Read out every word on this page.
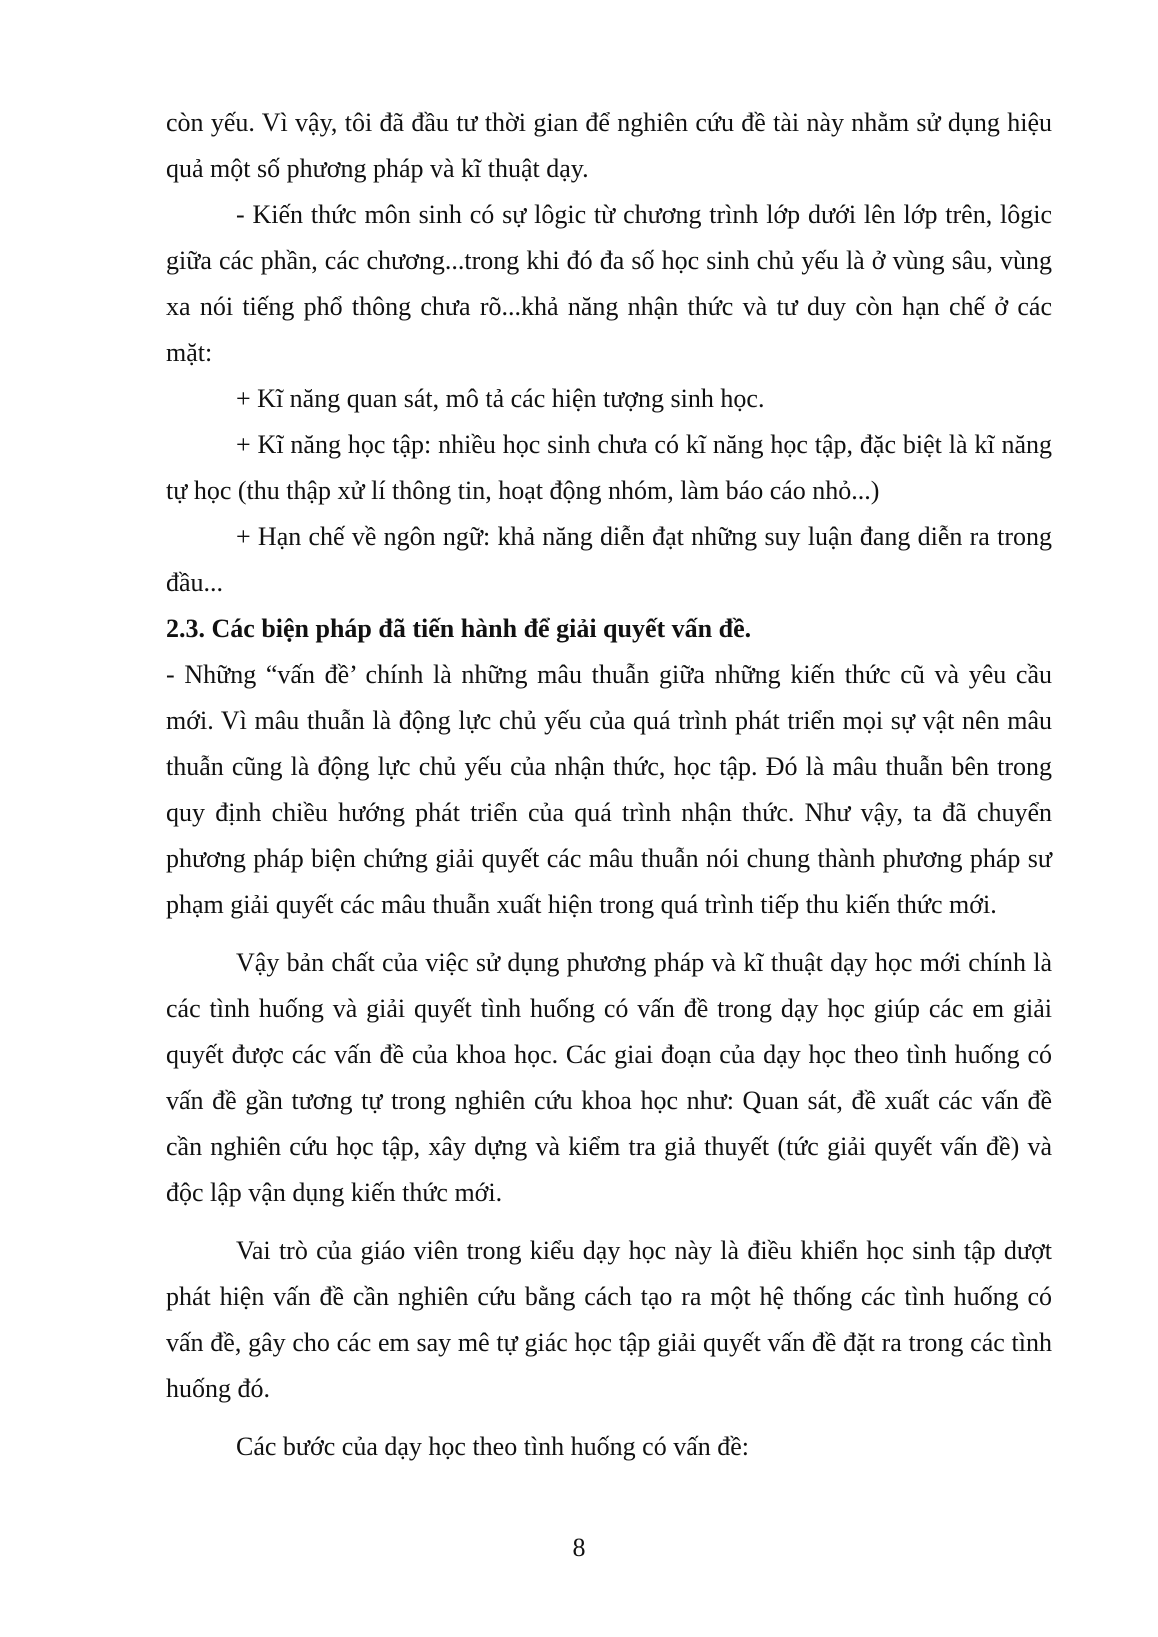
còn yếu. Vì vậy, tôi đã đầu tư thời gian để nghiên cứu đề tài này nhằm sử dụng hiệu quả một số phương pháp và kĩ thuật dạy.

- Kiến thức môn sinh có sự lôgic từ chương trình lớp dưới lên lớp trên, lôgic giữa các phần, các chương...trong khi đó đa số học sinh chủ yếu là ở vùng sâu, vùng xa nói tiếng phổ thông chưa rõ...khả năng nhận thức và tư duy còn hạn chế ở các mặt:

+ Kĩ năng quan sát, mô tả các hiện tượng sinh học.

+ Kĩ năng học tập: nhiều học sinh chưa có kĩ năng học tập, đặc biệt là kĩ năng tự học (thu thập xử lí thông tin, hoạt động nhóm, làm báo cáo nhỏ...)

+ Hạn chế về ngôn ngữ: khả năng diễn đạt những suy luận đang diễn ra trong đầu...

2.3. Các biện pháp đã tiến hành để giải quyết vấn đề.

- Những “vấn đề’ chính là những mâu thuẫn giữa những kiến thức cũ và yêu cầu mới. Vì mâu thuẫn là động lực chủ yếu của quá trình phát triển mọi sự vật nên mâu thuẫn cũng là động lực chủ yếu của nhận thức, học tập. Đó là mâu thuẫn bên trong quy định chiều hướng phát triển của quá trình nhận thức. Như vậy, ta đã chuyển phương pháp biện chứng giải quyết các mâu thuẫn nói chung thành phương pháp sư phạm giải quyết các mâu thuẫn xuất hiện trong quá trình tiếp thu kiến thức mới.

Vậy bản chất của việc sử dụng phương pháp và kĩ thuật dạy học mới chính là các tình huống và giải quyết tình huống có vấn đề trong dạy học giúp các em giải quyết được các vấn đề của khoa học. Các giai đoạn của dạy học theo tình huống có vấn đề gần tương tự trong nghiên cứu khoa học như: Quan sát, đề xuất các vấn đề cần nghiên cứu học tập, xây dựng và kiểm tra giả thuyết (tức giải quyết vấn đề) và độc lập vận dụng kiến thức mới.

Vai trò của giáo viên trong kiểu dạy học này là điều khiển học sinh tập dượt phát hiện vấn đề cần nghiên cứu bằng cách tạo ra một hệ thống các tình huống có vấn đề, gây cho các em say mê tự giác học tập giải quyết vấn đề đặt ra trong các tình huống đó.

Các bước của dạy học theo tình huống có vấn đề:

8
